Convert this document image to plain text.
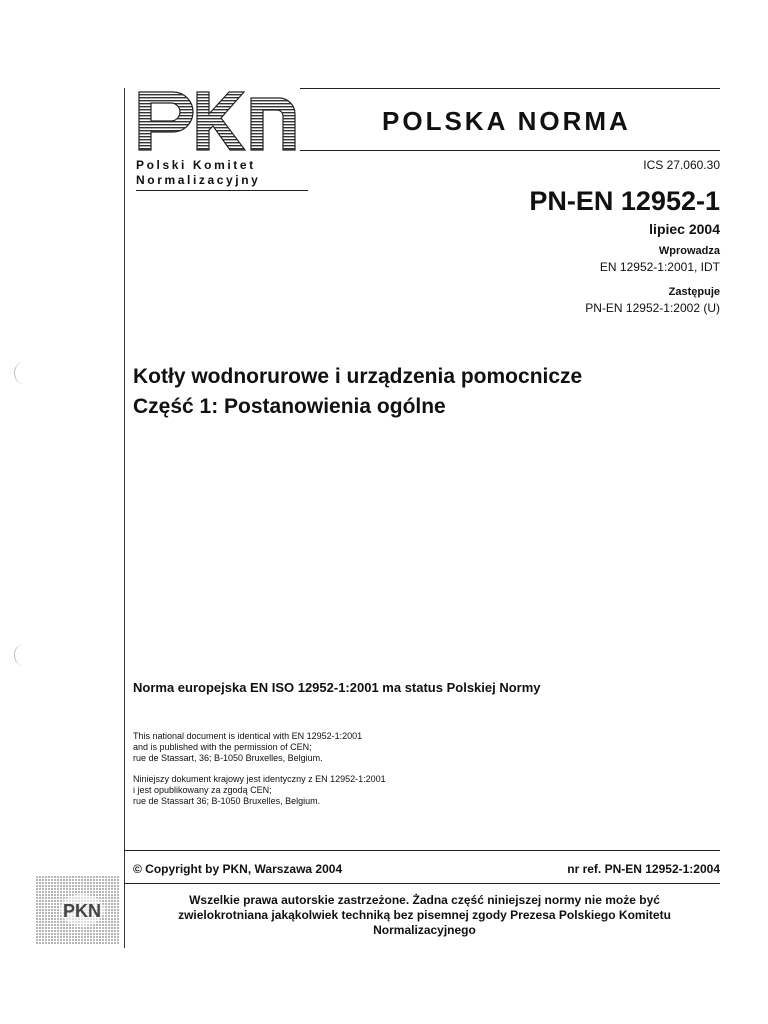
Polski Komitet
Normalizacyjny
POLSKA NORMA
ICS 27.060.30
PN-EN 12952-1
lipiec 2004
Wprowadza
EN 12952-1:2001, IDT
Zastępuje
PN-EN 12952-1:2002 (U)
Kotły wodnorurowe i urządzenia pomocnicze
Część 1: Postanowienia ogólne
Norma europejska EN ISO 12952-1:2001 ma status Polskiej Normy
This national document is identical with EN 12952-1:2001
and is published with the permission of CEN;
rue de Stassart, 36; B-1050 Bruxelles, Belgium.
Niniejszy dokument krajowy jest identyczny z EN 12952-1:2001
i jest opublikowany za zgodą CEN;
rue de Stassart 36; B-1050 Bruxelles, Belgium.
© Copyright by PKN, Warszawa 2004	nr ref. PN-EN 12952-1:2004
Wszelkie prawa autorskie zastrzeżone. Żadna część niniejszej normy nie może być
zwielokrotniana jakąkolwiek techniką bez pisemnej zgody Prezesa Polskiego Komitetu
Normalizacyjnego
PKN
